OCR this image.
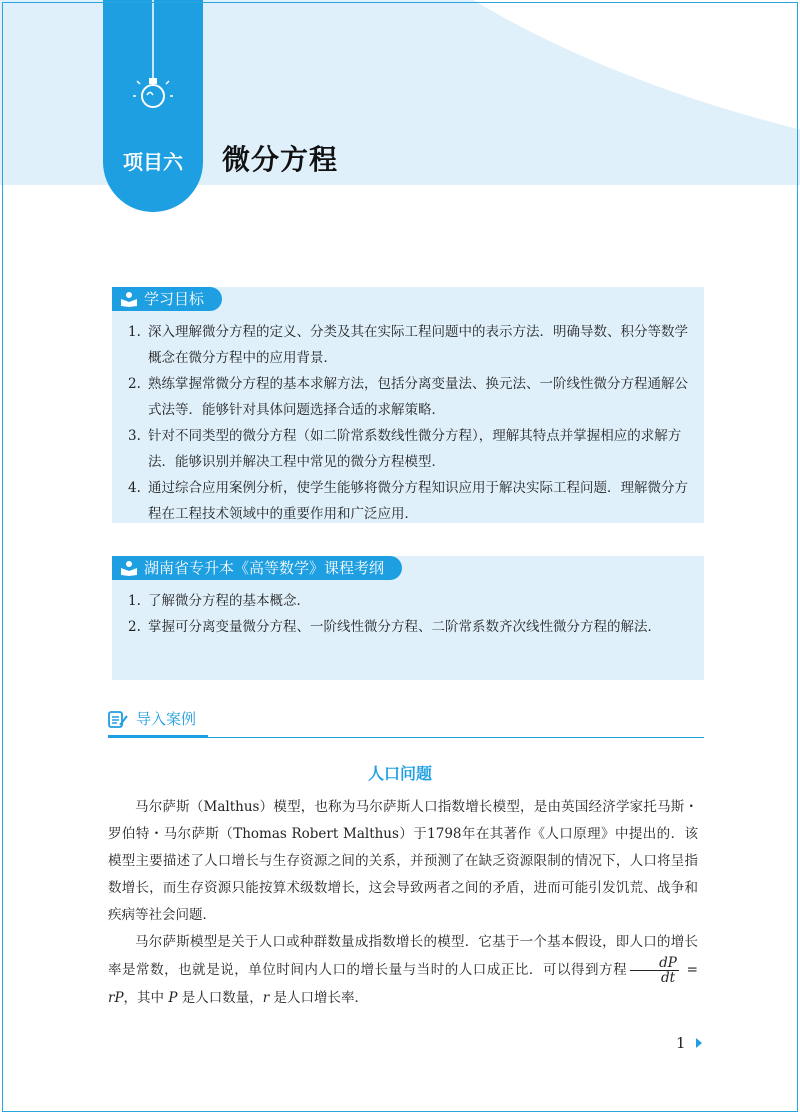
项目六	微分方程
学习目标
1. 深入理解微分方程的定义、分类及其在实际工程问题中的表示方法．明确导数、积分等数学概念在微分方程中的应用背景．
2. 熟练掌握常微分方程的基本求解方法，包括分离变量法、换元法、一阶线性微分方程通解公式法等．能够针对具体问题选择合适的求解策略．
3. 针对不同类型的微分方程（如二阶常系数线性微分方程），理解其特点并掌握相应的求解方法．能够识别并解决工程中常见的微分方程模型．
4. 通过综合应用案例分析，使学生能够将微分方程知识应用于解决实际工程问题．理解微分方程在工程技术领域中的重要作用和广泛应用．
湖南省专升本《高等数学》课程考纲
1. 了解微分方程的基本概念．
2. 掌握可分离变量微分方程、一阶线性微分方程、二阶常系数齐次线性微分方程的解法．
导入案例
人口问题

马尔萨斯（Malthus）模型，也称为马尔萨斯人口指数增长模型，是由英国经济学家托马斯・罗伯特・马尔萨斯（Thomas Robert Malthus）于1798年在其著作《人口原理》中提出的．该模型主要描述了人口增长与生存资源之间的关系，并预测了在缺乏资源限制的情况下，人口将呈指数增长，而生存资源只能按算术级数增长，这会导致两者之间的矛盾，进而可能引发饥荒、战争和疾病等社会问题．

马尔萨斯模型是关于人口或种群数量成指数增长的模型．它基于一个基本假设，即人口的增长率是常数，也就是说，单位时间内人口的增长量与当时的人口成正比．可以得到方程 $\frac{dP}{dt}$ = rP，其中 P 是人口数量，r 是人口增长率．

1
